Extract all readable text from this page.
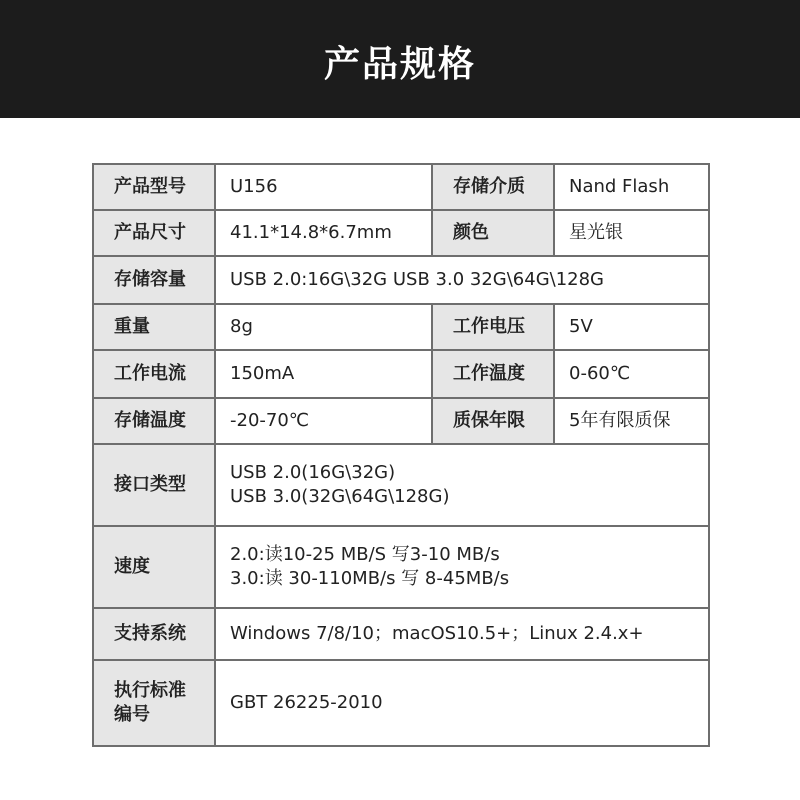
产品规格
产品型号	U156	存储介质	Nand Flash
产品尺寸	41.1*14.8*6.7mm	颜色	星光银
存储容量	USB 2.0:16G\32G USB 3.0 32G\64G\128G		
重量	8g	工作电压	5V
工作电流	150mA	工作温度	0-60℃
存储温度	-20-70℃	质保年限	5年有限质保
接口类型	USB 2.0(16G\32G)
USB 3.0(32G\64G\128G)		

速度	2.0:读10-25 MB/S 写3-10 MB/s
3.0:读 30-110MB/s 写 8-45MB/s		

支持系统	Windows 7/8/10；macOS10.5+；Linux 2.4.x+		

执行标准
编号	GBT 26225-2010		
